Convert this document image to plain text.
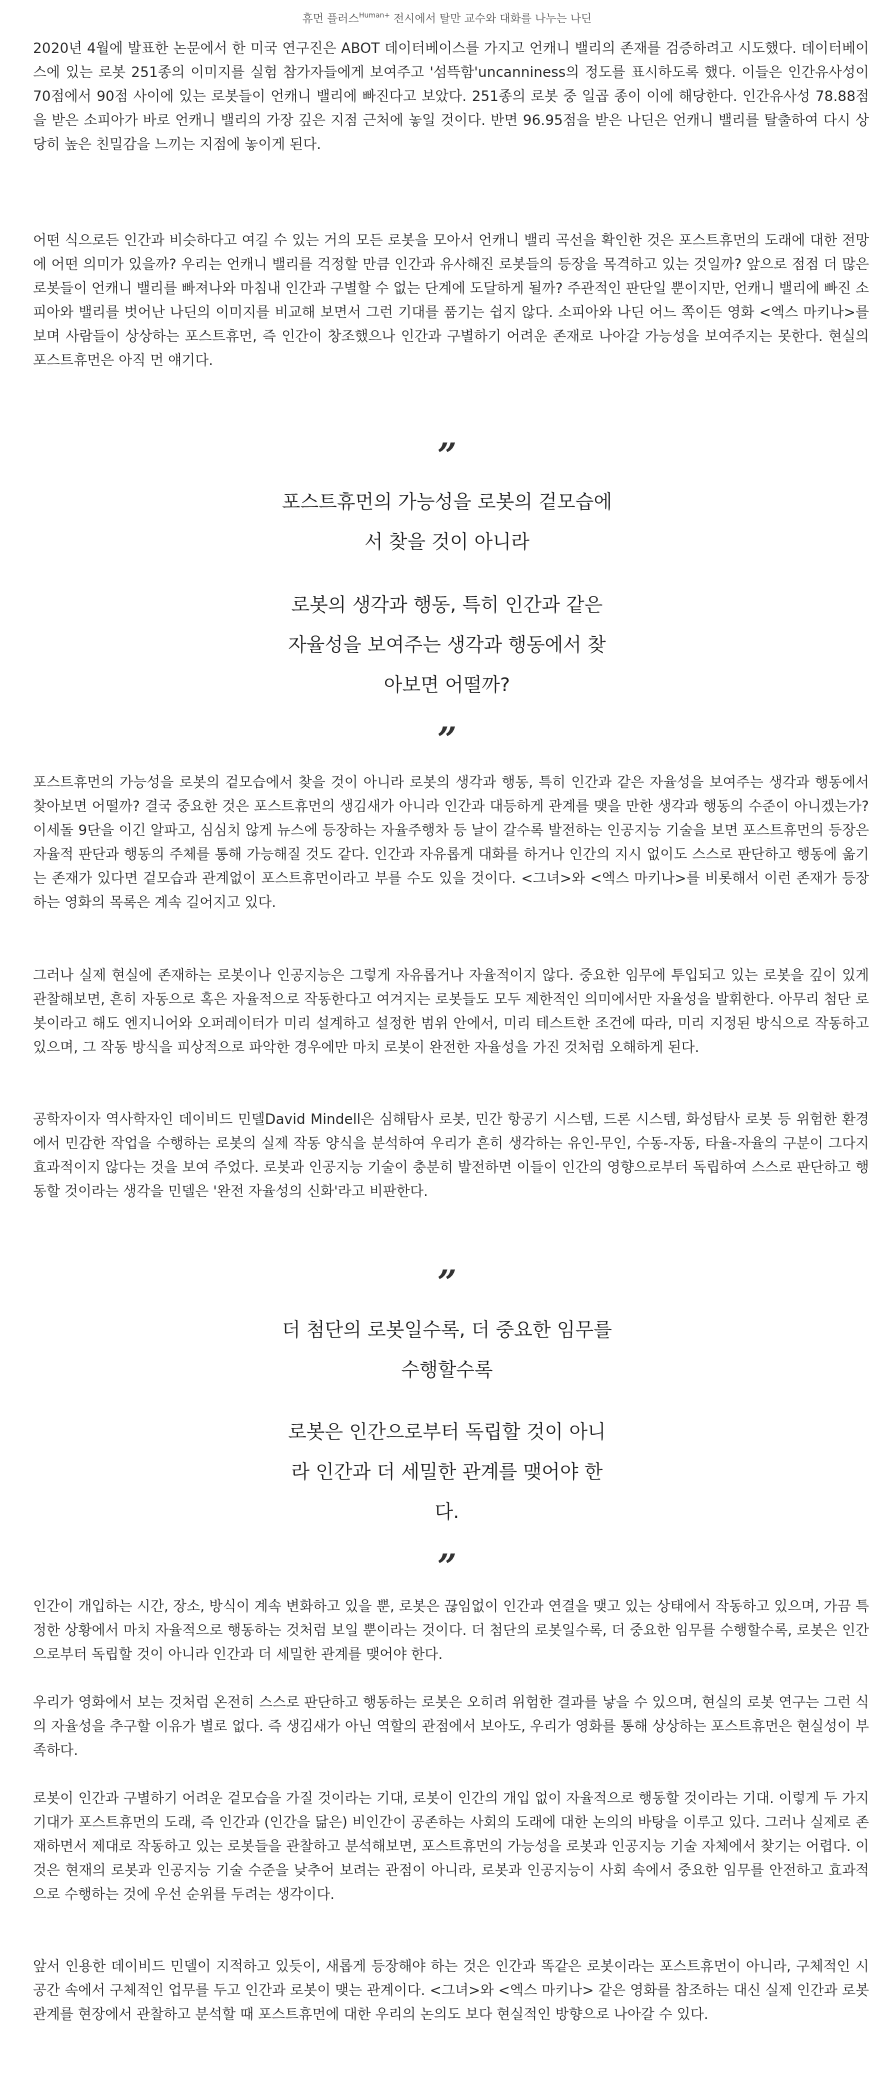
휴먼 플러스$^{Human+}$ 전시에서 탈만 교수와 대화를 나누는 나딘

2020년 4월에 발표한 논문에서 한 미국 연구진은 ABOT 데이터베이스를 가지고 언캐니 밸리의 존재를 검증하려고 시도했다. 데이터베이스에 있는 로봇 251종의 이미지를 실험 참가자들에게 보여주고 '섬뜩함'uncanniness의 정도를 표시하도록 했다. 이들은 인간유사성이 70점에서 90점 사이에 있는 로봇들이 언캐니 밸리에 빠진다고 보았다. 251종의 로봇 중 일곱 종이 이에 해당한다. 인간유사성 78.88점을 받은 소피아가 바로 언캐니 밸리의 가장 깊은 지점 근처에 놓일 것이다. 반면 96.95점을 받은 나딘은 언캐니 밸리를 탈출하여 다시 상당히 높은 친밀감을 느끼는 지점에 놓이게 된다.

어떤 식으로든 인간과 비슷하다고 여길 수 있는 거의 모든 로봇을 모아서 언캐니 밸리 곡선을 확인한 것은 포스트휴먼의 도래에 대한 전망에 어떤 의미가 있을까? 우리는 언캐니 밸리를 걱정할 만큼 인간과 유사해진 로봇들의 등장을 목격하고 있는 것일까? 앞으로 점점 더 많은 로봇들이 언캐니 밸리를 빠져나와 마침내 인간과 구별할 수 없는 단계에 도달하게 될까? 주관적인 판단일 뿐이지만, 언캐니 밸리에 빠진 소피아와 밸리를 벗어난 나딘의 이미지를 비교해 보면서 그런 기대를 품기는 쉽지 않다. 소피아와 나딘 어느 쪽이든 영화 <엑스 마키나>를 보며 사람들이 상상하는 포스트휴먼, 즉 인간이 창조했으나 인간과 구별하기 어려운 존재로 나아갈 가능성을 보여주지는 못한다. 현실의 포스트휴먼은 아직 먼 얘기다.

”

포스트휴먼의 가능성을 로봇의 겉모습에서 찾을 것이 아니라

로봇의 생각과 행동, 특히 인간과 같은 자율성을 보여주는 생각과 행동에서 찾아보면 어떨까?

”

포스트휴먼의 가능성을 로봇의 겉모습에서 찾을 것이 아니라 로봇의 생각과 행동, 특히 인간과 같은 자율성을 보여주는 생각과 행동에서 찾아보면 어떨까? 결국 중요한 것은 포스트휴먼의 생김새가 아니라 인간과 대등하게 관계를 맺을 만한 생각과 행동의 수준이 아니겠는가? 이세돌 9단을 이긴 알파고, 심심치 않게 뉴스에 등장하는 자율주행차 등 날이 갈수록 발전하는 인공지능 기술을 보면 포스트휴먼의 등장은 자율적 판단과 행동의 주체를 통해 가능해질 것도 같다. 인간과 자유롭게 대화를 하거나 인간의 지시 없이도 스스로 판단하고 행동에 옮기는 존재가 있다면 겉모습과 관계없이 포스트휴먼이라고 부를 수도 있을 것이다. <그녀>와 <엑스 마키나>를 비롯해서 이런 존재가 등장하는 영화의 목록은 계속 길어지고 있다.

그러나 실제 현실에 존재하는 로봇이나 인공지능은 그렇게 자유롭거나 자율적이지 않다. 중요한 임무에 투입되고 있는 로봇을 깊이 있게 관찰해보면, 흔히 자동으로 혹은 자율적으로 작동한다고 여겨지는 로봇들도 모두 제한적인 의미에서만 자율성을 발휘한다. 아무리 첨단 로봇이라고 해도 엔지니어와 오퍼레이터가 미리 설계하고 설정한 범위 안에서, 미리 테스트한 조건에 따라, 미리 지정된 방식으로 작동하고 있으며, 그 작동 방식을 피상적으로 파악한 경우에만 마치 로봇이 완전한 자율성을 가진 것처럼 오해하게 된다.

공학자이자 역사학자인 데이비드 민델David Mindell은 심해탐사 로봇, 민간 항공기 시스템, 드론 시스템, 화성탐사 로봇 등 위험한 환경에서 민감한 작업을 수행하는 로봇의 실제 작동 양식을 분석하여 우리가 흔히 생각하는 유인-무인, 수동-자동, 타율-자율의 구분이 그다지 효과적이지 않다는 것을 보여 주었다. 로봇과 인공지능 기술이 충분히 발전하면 이들이 인간의 영향으로부터 독립하여 스스로 판단하고 행동할 것이라는 생각을 민델은 '완전 자율성의 신화'라고 비판한다.

”

더 첨단의 로봇일수록, 더 중요한 임무를 수행할수록

로봇은 인간으로부터 독립할 것이 아니라 인간과 더 세밀한 관계를 맺어야 한다.

”

인간이 개입하는 시간, 장소, 방식이 계속 변화하고 있을 뿐, 로봇은 끊임없이 인간과 연결을 맺고 있는 상태에서 작동하고 있으며, 가끔 특정한 상황에서 마치 자율적으로 행동하는 것처럼 보일 뿐이라는 것이다. 더 첨단의 로봇일수록, 더 중요한 임무를 수행할수록, 로봇은 인간으로부터 독립할 것이 아니라 인간과 더 세밀한 관계를 맺어야 한다.

우리가 영화에서 보는 것처럼 온전히 스스로 판단하고 행동하는 로봇은 오히려 위험한 결과를 낳을 수 있으며, 현실의 로봇 연구는 그런 식의 자율성을 추구할 이유가 별로 없다. 즉 생김새가 아닌 역할의 관점에서 보아도, 우리가 영화를 통해 상상하는 포스트휴먼은 현실성이 부족하다.

로봇이 인간과 구별하기 어려운 겉모습을 가질 것이라는 기대, 로봇이 인간의 개입 없이 자율적으로 행동할 것이라는 기대. 이렇게 두 가지 기대가 포스트휴먼의 도래, 즉 인간과 (인간을 닮은) 비인간이 공존하는 사회의 도래에 대한 논의의 바탕을 이루고 있다. 그러나 실제로 존재하면서 제대로 작동하고 있는 로봇들을 관찰하고 분석해보면, 포스트휴먼의 가능성을 로봇과 인공지능 기술 자체에서 찾기는 어렵다. 이것은 현재의 로봇과 인공지능 기술 수준을 낮추어 보려는 관점이 아니라, 로봇과 인공지능이 사회 속에서 중요한 임무를 안전하고 효과적으로 수행하는 것에 우선 순위를 두려는 생각이다.

앞서 인용한 데이비드 민델이 지적하고 있듯이, 새롭게 등장해야 하는 것은 인간과 똑같은 로봇이라는 포스트휴먼이 아니라, 구체적인 시공간 속에서 구체적인 업무를 두고 인간과 로봇이 맺는 관계이다. <그녀>와 <엑스 마키나> 같은 영화를 참조하는 대신 실제 인간과 로봇 관계를 현장에서 관찰하고 분석할 때 포스트휴먼에 대한 우리의 논의도 보다 현실적인 방향으로 나아갈 수 있다.
